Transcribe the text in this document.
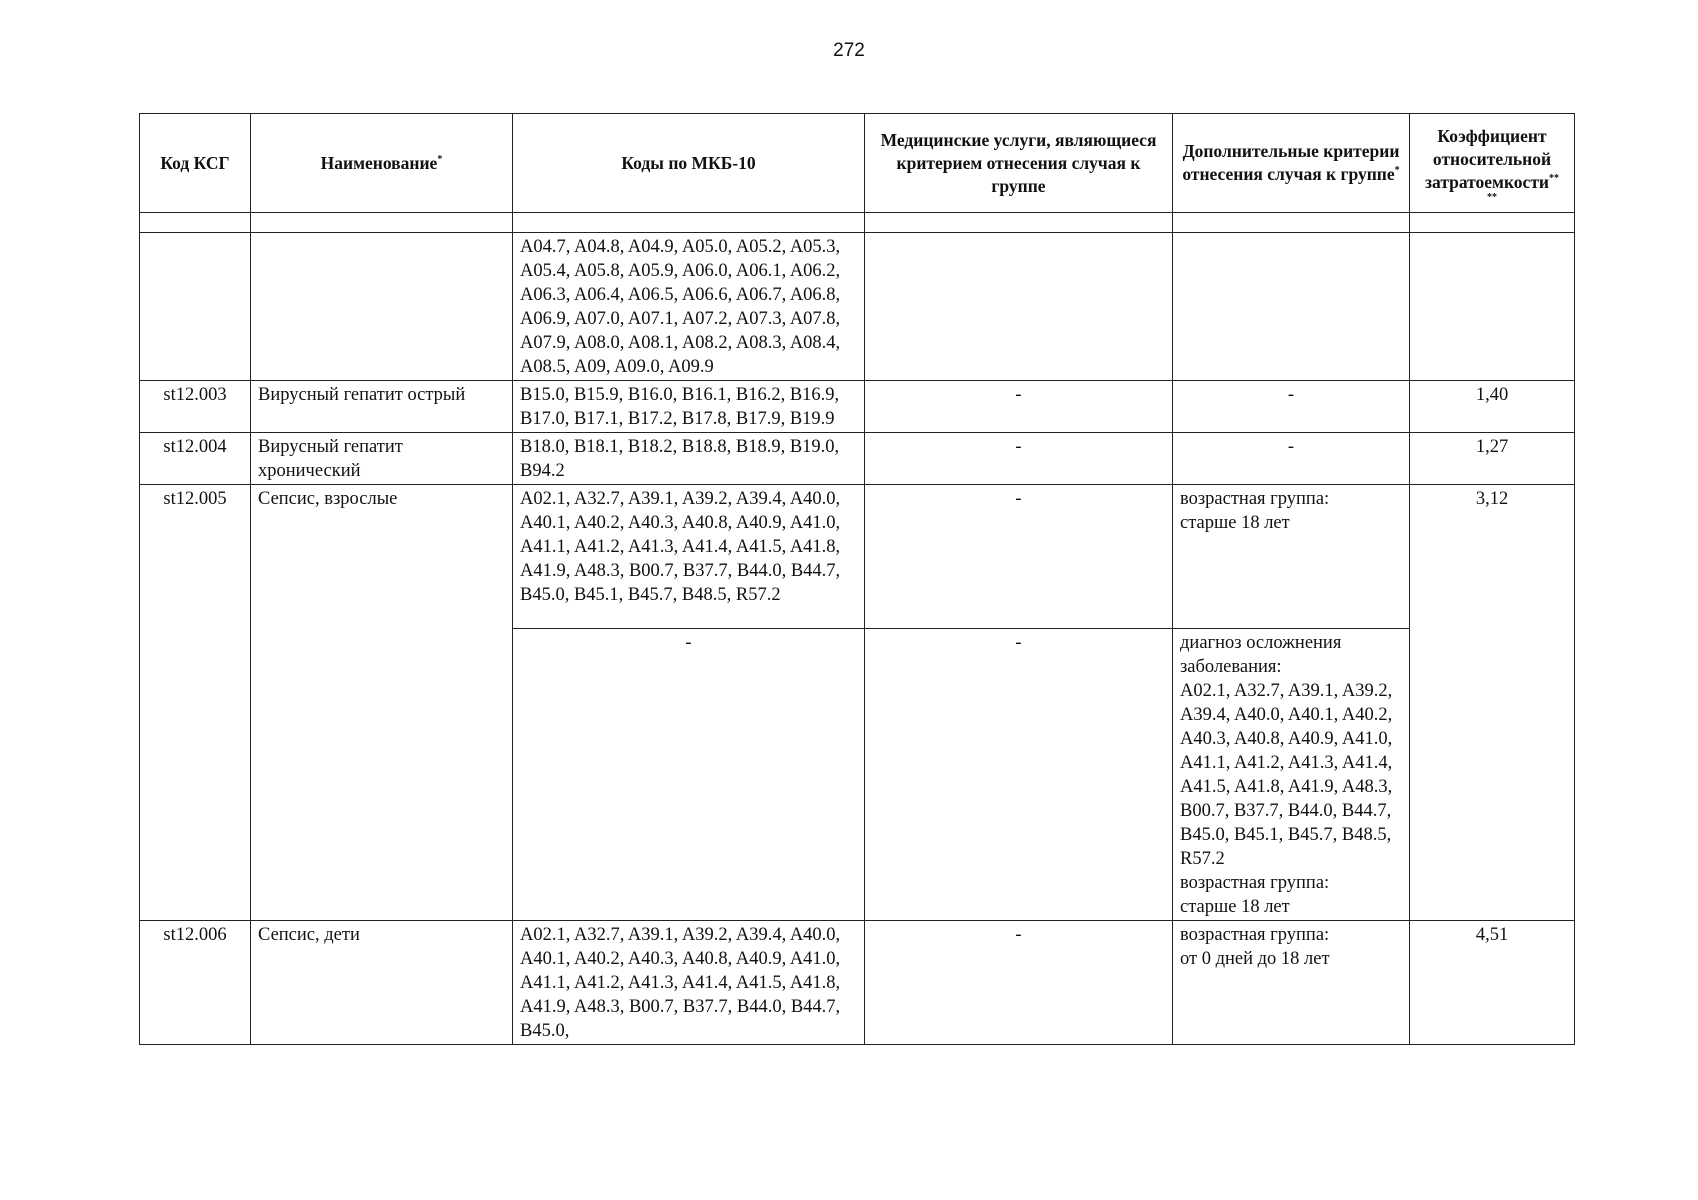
272
Код КСГ	Наименование*	Коды по МКБ-10	Медицинские услуги, являющиеся критерием отнесения случая к группе	Дополнительные критерии отнесения случая к группе*	Коэффициент относительной затратоемкости**
**

		A04.7, A04.8, A04.9, A05.0, A05.2, A05.3, A05.4, A05.8, A05.9, A06.0, A06.1, A06.2, A06.3, A06.4, A06.5, A06.6, A06.7, A06.8, A06.9, A07.0, A07.1, A07.2, A07.3, A07.8, A07.9, A08.0, A08.1, A08.2, A08.3, A08.4, A08.5, A09, A09.0, A09.9			
st12.003	Вирусный гепатит острый	B15.0, B15.9, B16.0, B16.1, B16.2, B16.9, B17.0, B17.1, B17.2, B17.8, B17.9, B19.9	-	-	1,40
st12.004	Вирусный гепатит хронический	B18.0, B18.1, B18.2, B18.8, B18.9, B19.0, B94.2	-	-	1,27
st12.005	Сепсис, взрослые	A02.1, A32.7, A39.1, A39.2, A39.4, A40.0, A40.1, A40.2, A40.3, A40.8, A40.9, A41.0, A41.1, A41.2, A41.3, A41.4, A41.5, A41.8, A41.9, A48.3, B00.7, B37.7, B44.0, B44.7, B45.0, B45.1, B45.7, B48.5, R57.2	-	возрастная группа:
старше 18 лет	3,12
		-	-	диагноз осложнения заболевания:
A02.1, A32.7, A39.1, A39.2, A39.4, A40.0, A40.1, A40.2, A40.3, A40.8, A40.9, A41.0, A41.1, A41.2, A41.3, A41.4, A41.5, A41.8, A41.9, A48.3, B00.7, B37.7, B44.0, B44.7, B45.0, B45.1, B45.7, B48.5, R57.2
возрастная группа:
старше 18 лет	

st12.006	Сепсис, дети	A02.1, A32.7, A39.1, A39.2, A39.4, A40.0, A40.1, A40.2, A40.3, A40.8, A40.9, A41.0, A41.1, A41.2, A41.3, A41.4, A41.5, A41.8, A41.9, A48.3, B00.7, B37.7, B44.0, B44.7, B45.0,	-	возрастная группа:
от 0 дней до 18 лет	4,51
